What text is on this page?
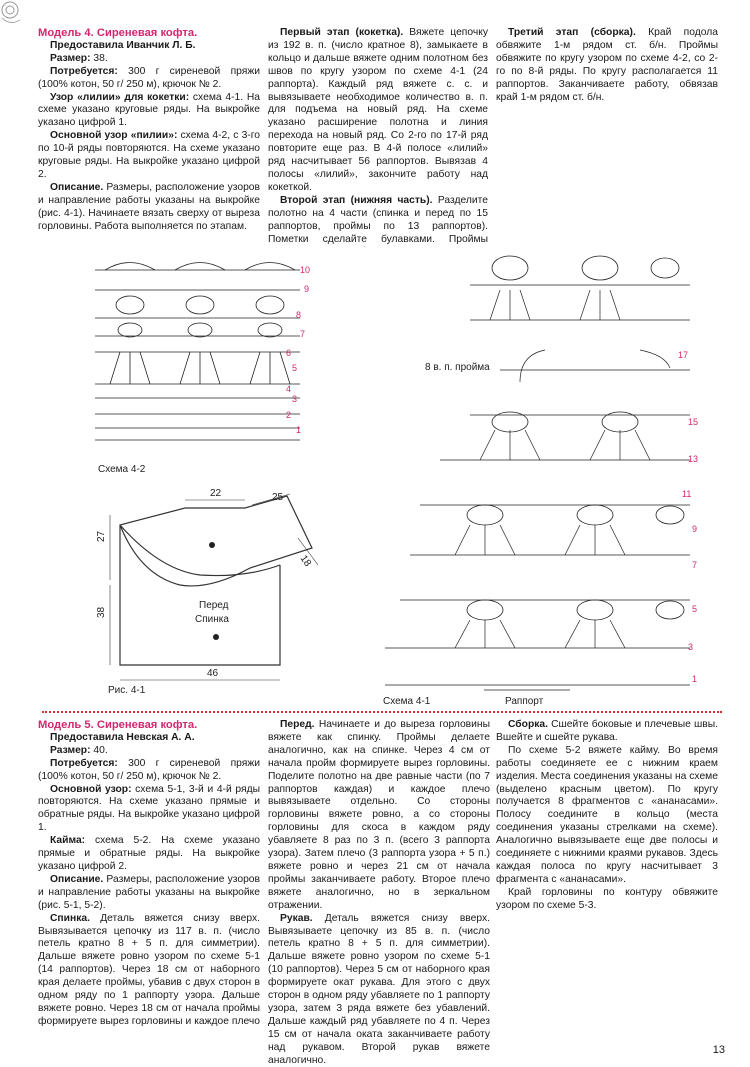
Модель 4. Сиреневая кофта.

Предоставила Иванчик Л. Б.

Размер: 38.

Потребуется: 300 г сиреневой пряжи (100% котон, 50 г/ 250 м), крючок № 2.

Узор «лилии» для кокетки: схема 4-1. На схеме указано круговые ряды. На выкройке указано цифрой 1.

Основной узор «пилии»: схема 4-2, с 3-го по 10-й ряды повторяются. На схеме указано круговые ряды. На выкройке указано цифрой 2.

Описание. Размеры, расположение узоров и направление работы указаны на выкройке (рис. 4-1). Начинаете вязать сверху от выреза горловины. Работа выполняется по этапам.

Первый этап (кокетка). Вяжете цепочку из 192 в. п. (число кратное 8), замыкаете в кольцо и дальше вяжете одним полотном без швов по кругу узором по схеме 4-1 (24 раппорта). Каждый ряд вяжете с. с. и вывязываете необходимое количество в. п. для подъема на новый ряд. На схеме указано расширение полотна и линия перехода на новый ряд. Со 2-го по 17-й ряд повторите еще раз. В 4-й полосе «лилий» ряд насчитывает 56 раппортов. Вывязав 4 полосы «лилий», закончите работу над кокеткой.

Второй этап (нижняя часть). Разделите полотно на 4 части (спинка и перед по 15 раппортов, проймы по 13 раппортов). Пометки сделайте булавками. Проймы

Третий этап (сборка). Край подола обвяжите 1-м рядом ст. б/н. Проймы обвяжите по кругу узором по схеме 4-2, со 2-го по 8-й ряды. По кругу располагается 11 раппортов. Заканчиваете работу, обвязав край 1-м рядом ст. б/н.

10
9
8
7
6
5
4
3
2
1
Схема 4-2
22	25
27
18
38
46
Перед
Спинка
Рис. 4-1
17
15
13
11
9
7
5
3
1
8 в. п. пройма
Раппорт
Схема 4-1

Модель 5. Сиреневая кофта.

Предоставила Невская А. А.

Размер: 40.

Потребуется: 300 г сиреневой пряжи (100% котон, 50 г/ 250 м), крючок № 2.

Основной узор: схема 5-1, 3-й и 4-й ряды повторяются. На схеме указано прямые и обратные ряды. На выкройке указано цифрой 1.

Кайма: схема 5-2. На схеме указано прямые и обратные ряды. На выкройке указано цифрой 2.

Описание. Размеры, расположение узоров и направление работы указаны на выкройке (рис. 5-1, 5-2).

Спинка. Деталь вяжется снизу вверх. Вывязывается цепочку из 117 в. п. (число петель кратно 8 + 5 п. для симметрии). Дальше вяжете ровно узором по схеме 5-1 (14 раппортов). Через 18 см от наборного края делаете проймы, убавив с двух сторон в одном ряду по 1 раппорту узора. Дальше вяжете ровно. Через 18 см от начала проймы формируете вырез горловины и каждое плечо

Перед. Начинаете и до выреза горловины вяжете как спинку. Проймы делаете аналогично, как на спинке. Через 4 см от начала пройм формируете вырез горловины. Поделите полотно на две равные части (по 7 раппортов каждая) и каждое плечо вывязываете отдельно. Со стороны горловины вяжете ровно, а со стороны горловины для скоса в каждом ряду убавляете 8 раз по 3 п. (всего 3 раппорта узора). Затем плечо (3 раппорта узора + 5 п.) вяжете ровно и через 21 см от начала проймы заканчиваете работу. Второе плечо вяжете аналогично, но в зеркальном отражении.

Рукав. Деталь вяжется снизу вверх. Вывязываете цепочку из 85 в. п. (число петель кратно 8 + 5 п. для симметрии). Дальше вяжете ровно узором по схеме 5-1 (10 раппортов). Через 5 см от наборного края формируете окат рукава. Для этого с двух сторон в одном ряду убавляете по 1 раппорту узора, затем 3 ряда вяжете без убавлений. Дальше каждый ряд убавляете по 4 п. Через 15 см от начала оката заканчиваете работу над рукавом. Второй рукав вяжете аналогично.

Сборка. Сшейте боковые и плечевые швы. Вшейте и сшейте рукава.

По схеме 5-2 вяжете кайму. Во время работы соединяете ее с нижним краем изделия. Места соединения указаны на схеме (выделено красным цветом). По кругу получается 8 фрагментов с «ананасами». Полосу соедините в кольцо (места соединения указаны стрелками на схеме). Аналогично вывязываете еще две полосы и соединяете с нижними краями рукавов. Здесь каждая полоса по кругу насчитывает 3 фрагмента с «ананасами».

Край горловины по контуру обвяжите узором по схеме 5-3.

13
